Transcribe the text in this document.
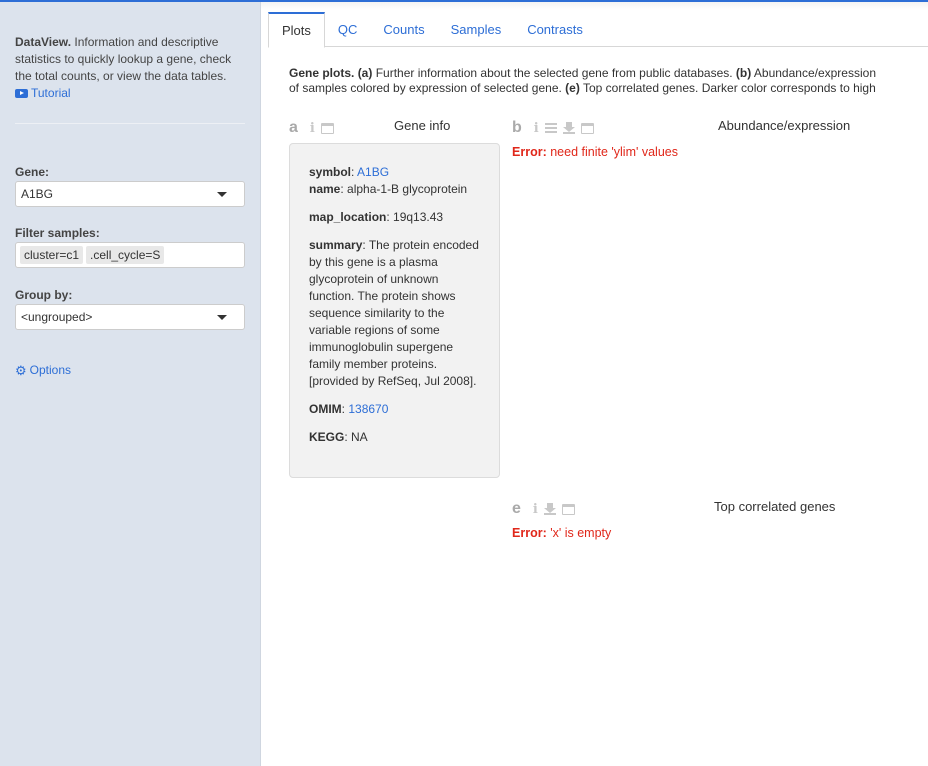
DataView. Information and descriptive statistics to quickly lookup a gene, check the total counts, or view the data tables.

Tutorial
Gene:
A1BG
Filter samples:
cluster=c1 .cell_cycle=S
Group by:
<ungrouped>
⚙ Options
Plots	QC	Counts	Samples	Contrasts
Gene plots. (a) Further information about the selected gene from public databases. (b) Abundance/expression
of samples colored by expression of selected gene. (e) Top correlated genes. Darker color corresponds to high
a i	Gene info

symbol: A1BG

name: alpha-1-B glycoprotein

map_location: 19q13.43

summary: The protein encoded by this gene is a plasma glycoprotein of unknown function. The protein shows sequence similarity to the variable regions of some immunoglobulin supergene family member proteins. [provided by RefSeq, Jul 2008].

OMIM: 138670

KEGG: NA

b i	Abundance/expression
Error: need finite 'ylim' values
e i	Top correlated genes
Error: 'x' is empty
